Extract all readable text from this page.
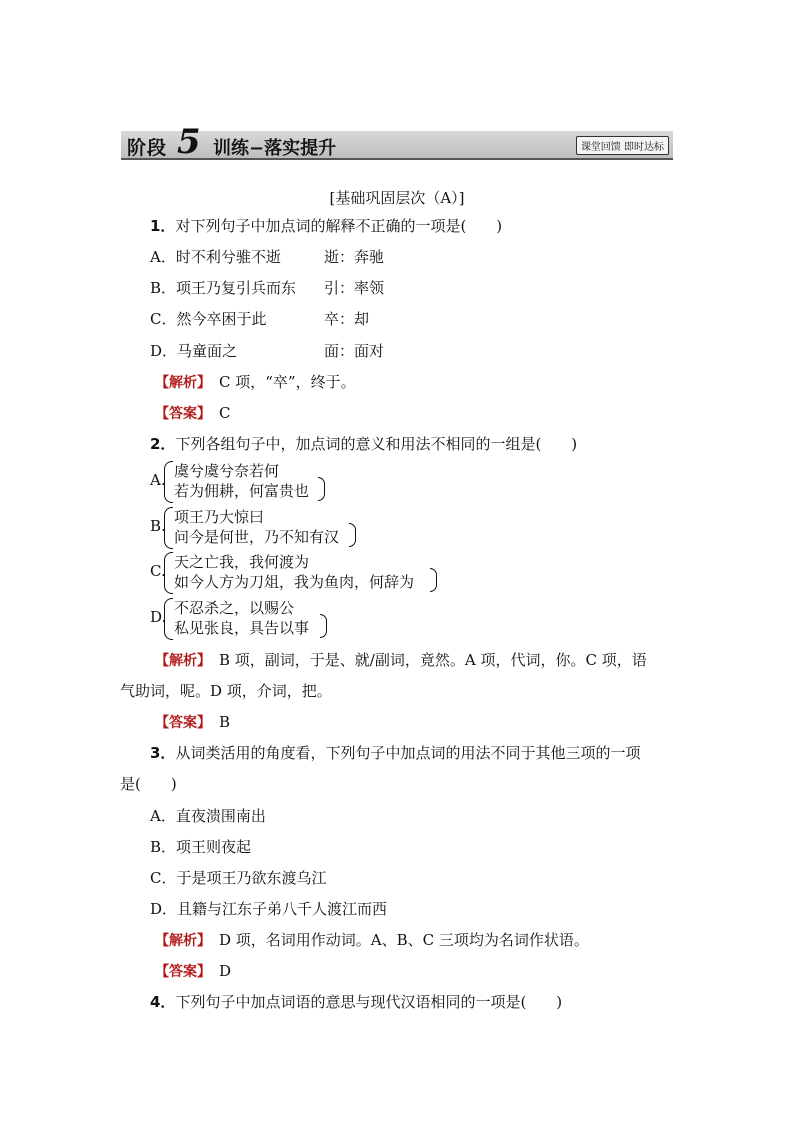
阶段 5 训练−落实提升	课堂回馈 即时达标
[基础巩固层次（A）]
1．对下列句子中加点词的解释不正确的一项是(　　)
A．时不利兮骓不逝	逝：奔驰
B．项王乃复引兵而东 引：率领
C．然今卒困于此	卒：却
D．马童面之	面：面对
【解析】　 C 项，“卒”，终于。
【答案】　 C
2．下列各组句子中，加点词的意义和用法不相同的一组是(　　)
A. 虞兮虞兮奈若何
若为佣耕，何富贵也
B. 项王乃大惊曰
问今是何世，乃不知有汉
C. 天之亡我，我何渡为
如今人方为刀俎，我为鱼肉，何辞为
D. 不忍杀之，以赐公
私见张良，具告以事
【解析】　 B 项，副词，于是、就/副词，竟然。A 项，代词，你。C 项，语
气助词，呢。D 项，介词，把。
【答案】　 B
3．从词类活用的角度看，下列句子中加点词的用法不同于其他三项的一项
是(　　)
A．直夜溃围南出
B．项王则夜起
C．于是项王乃欲东渡乌江
D．且籍与江东子弟八千人渡江而西
【解析】　 D 项，名词用作动词。A、B、C 三项均为名词作状语。
【答案】　 D
4．下列句子中加点词语的意思与现代汉语相同的一项是(　　)
